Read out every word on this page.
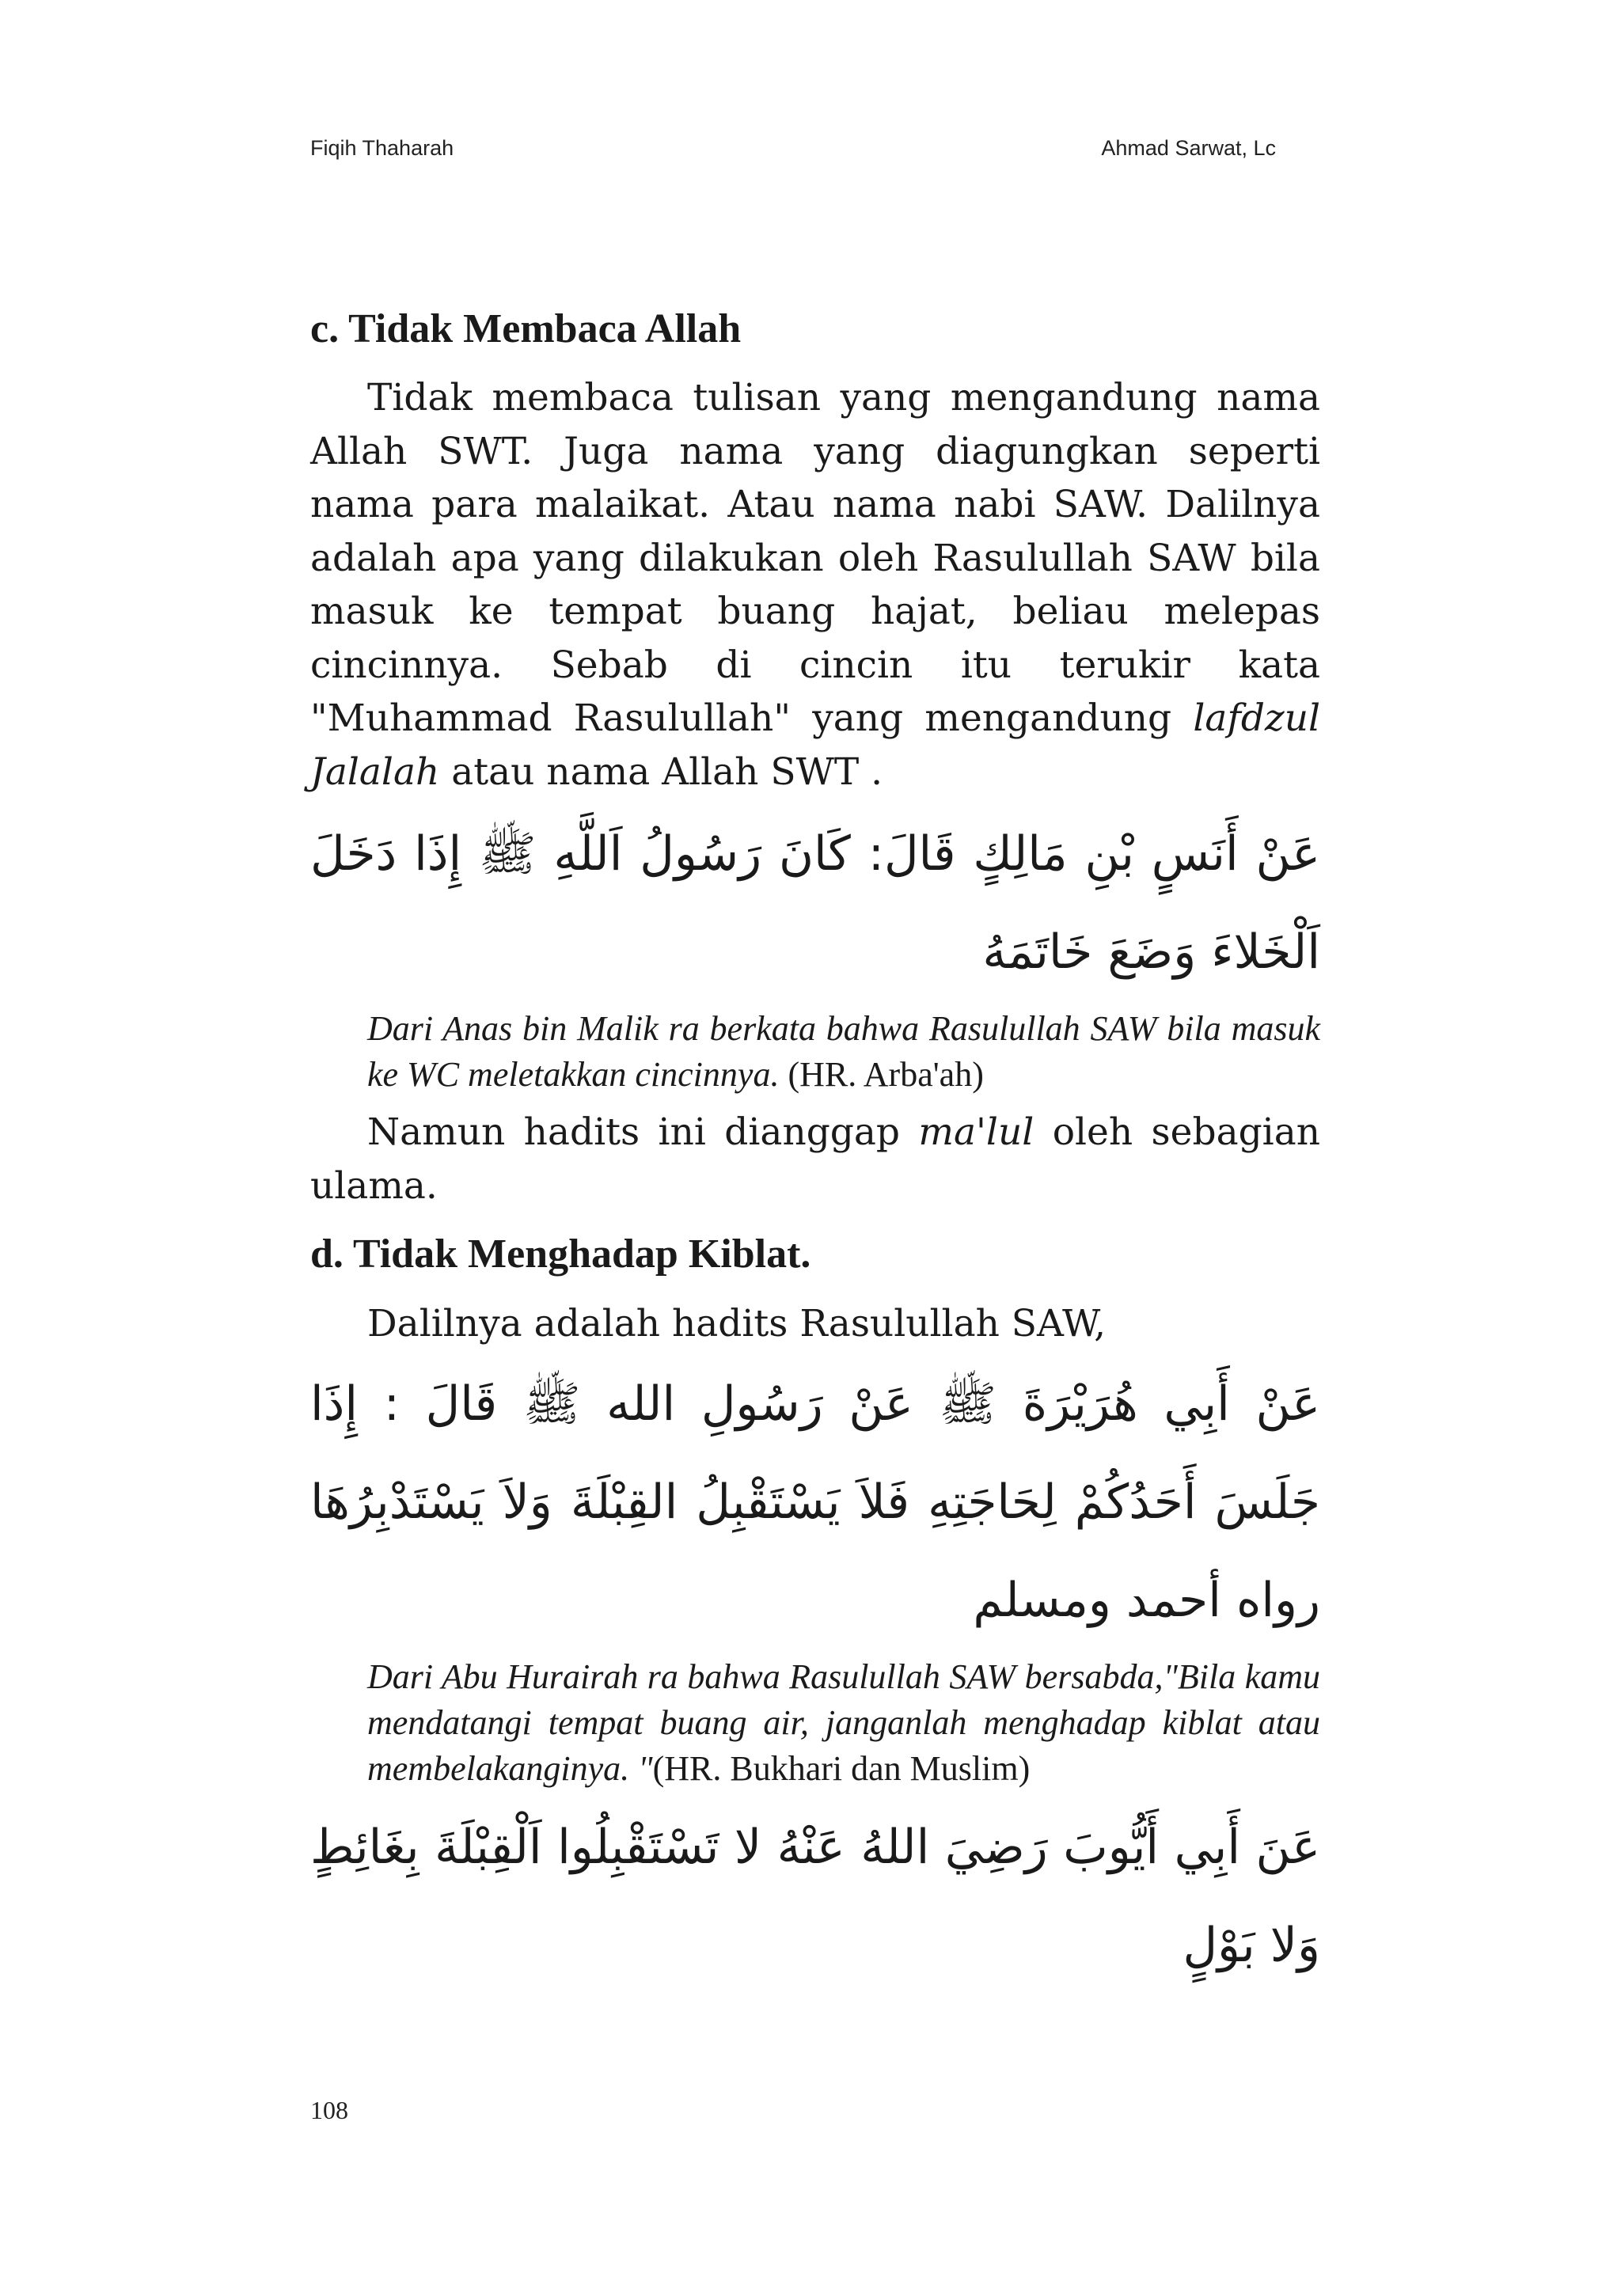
Fiqih Thaharah	Ahmad Sarwat, Lc
c. Tidak Membaca Allah

Tidak membaca tulisan yang mengandung nama Allah SWT. Juga nama yang diagungkan seperti nama para malaikat. Atau nama nabi SAW. Dalilnya adalah apa yang dilakukan oleh Rasulullah SAW bila masuk ke tempat buang hajat, beliau melepas cincinnya. Sebab di cincin itu terukir kata "Muhammad Rasulullah" yang mengandung lafdzul Jalalah atau nama Allah SWT .

عَنْ أَنَسٍ بْنِ مَالِكٍ قَالَ: كَانَ رَسُولُ اَللَّهِ ﷺ إِذَا دَخَلَ اَلْخَلاءَ وَضَعَ خَاتَمَهُ

Dari Anas bin Malik ra berkata bahwa Rasulullah SAW bila masuk ke WC meletakkan cincinnya. (HR. Arba'ah)

Namun hadits ini dianggap ma'lul oleh sebagian ulama.

d. Tidak Menghadap Kiblat.

Dalilnya adalah hadits Rasulullah SAW,

عَنْ أَبِي هُرَيْرَةَ ﷺ عَنْ رَسُولِ الله ﷺ قَالَ : إِذَا جَلَسَ أَحَدُكُمْ لِحَاجَتِهِ فَلاَ يَسْتَقْبِلُ القِبْلَةَ وَلاَ يَسْتَدْبِرُهَا رواه أحمد ومسلم

Dari Abu Hurairah ra bahwa Rasulullah SAW bersabda,"Bila kamu mendatangi tempat buang air, janganlah menghadap kiblat atau membelakanginya. "(HR. Bukhari dan Muslim)

عَنَ أَبِي أَيُّوبَ رَضِيَ اللهُ عَنْهُ لا تَسْتَقْبِلُوا اَلْقِبْلَةَ بِغَائِطٍ وَلا بَوْلٍ

108
